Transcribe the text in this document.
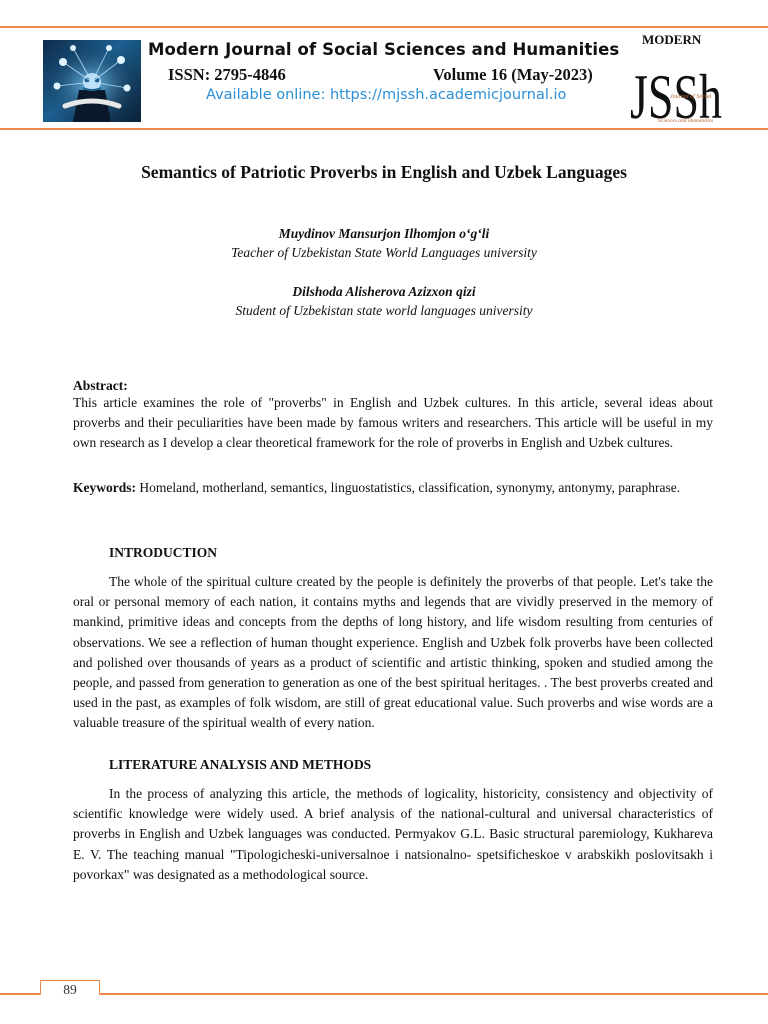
Modern Journal of Social Sciences and Humanities
ISSN: 2795-4846	Volume 16 (May-2023)
Available online: https://mjssh.academicjournal.io
MODERN
JSSh
Journal of Social
Sciences and Humanities
Semantics of Patriotic Proverbs in English and Uzbek Languages
Muydinov Mansurjon Ilhomjon o‘g‘li
Teacher of Uzbekistan State World Languages university
Dilshoda Alisherova Azizxon qizi
Student of Uzbekistan state world languages university
Abstract:

This article examines the role of "proverbs" in English and Uzbek cultures. In this article, several ideas about proverbs and their peculiarities have been made by famous writers and researchers. This article will be useful in my own research as I develop a clear theoretical framework for the role of proverbs in English and Uzbek cultures.

Keywords: Homeland, motherland, semantics, linguostatistics, classification, synonymy, antonymy, paraphrase.

INTRODUCTION

The whole of the spiritual culture created by the people is definitely the proverbs of that people. Let's take the oral or personal memory of each nation, it contains myths and legends that are vividly preserved in the memory of mankind, primitive ideas and concepts from the depths of long history, and life wisdom resulting from centuries of observations. We see a reflection of human thought experience. English and Uzbek folk proverbs have been collected and polished over thousands of years as a product of scientific and artistic thinking, spoken and studied among the people, and passed from generation to generation as one of the best spiritual heritages. . The best proverbs created and used in the past, as examples of folk wisdom, are still of great educational value. Such proverbs and wise words are a valuable treasure of the spiritual wealth of every nation.

LITERATURE ANALYSIS AND METHODS

In the process of analyzing this article, the methods of logicality, historicity, consistency and objectivity of scientific knowledge were widely used. A brief analysis of the national-cultural and universal characteristics of proverbs in English and Uzbek languages was conducted. Permyakov G.L. Basic structural paremiology, Kukhareva E. V. The teaching manual "Tipologicheski-universalnoe i natsionalno- spetsificheskoe v arabskikh poslovitsakh i povorkax" was designated as a methodological source.

89
